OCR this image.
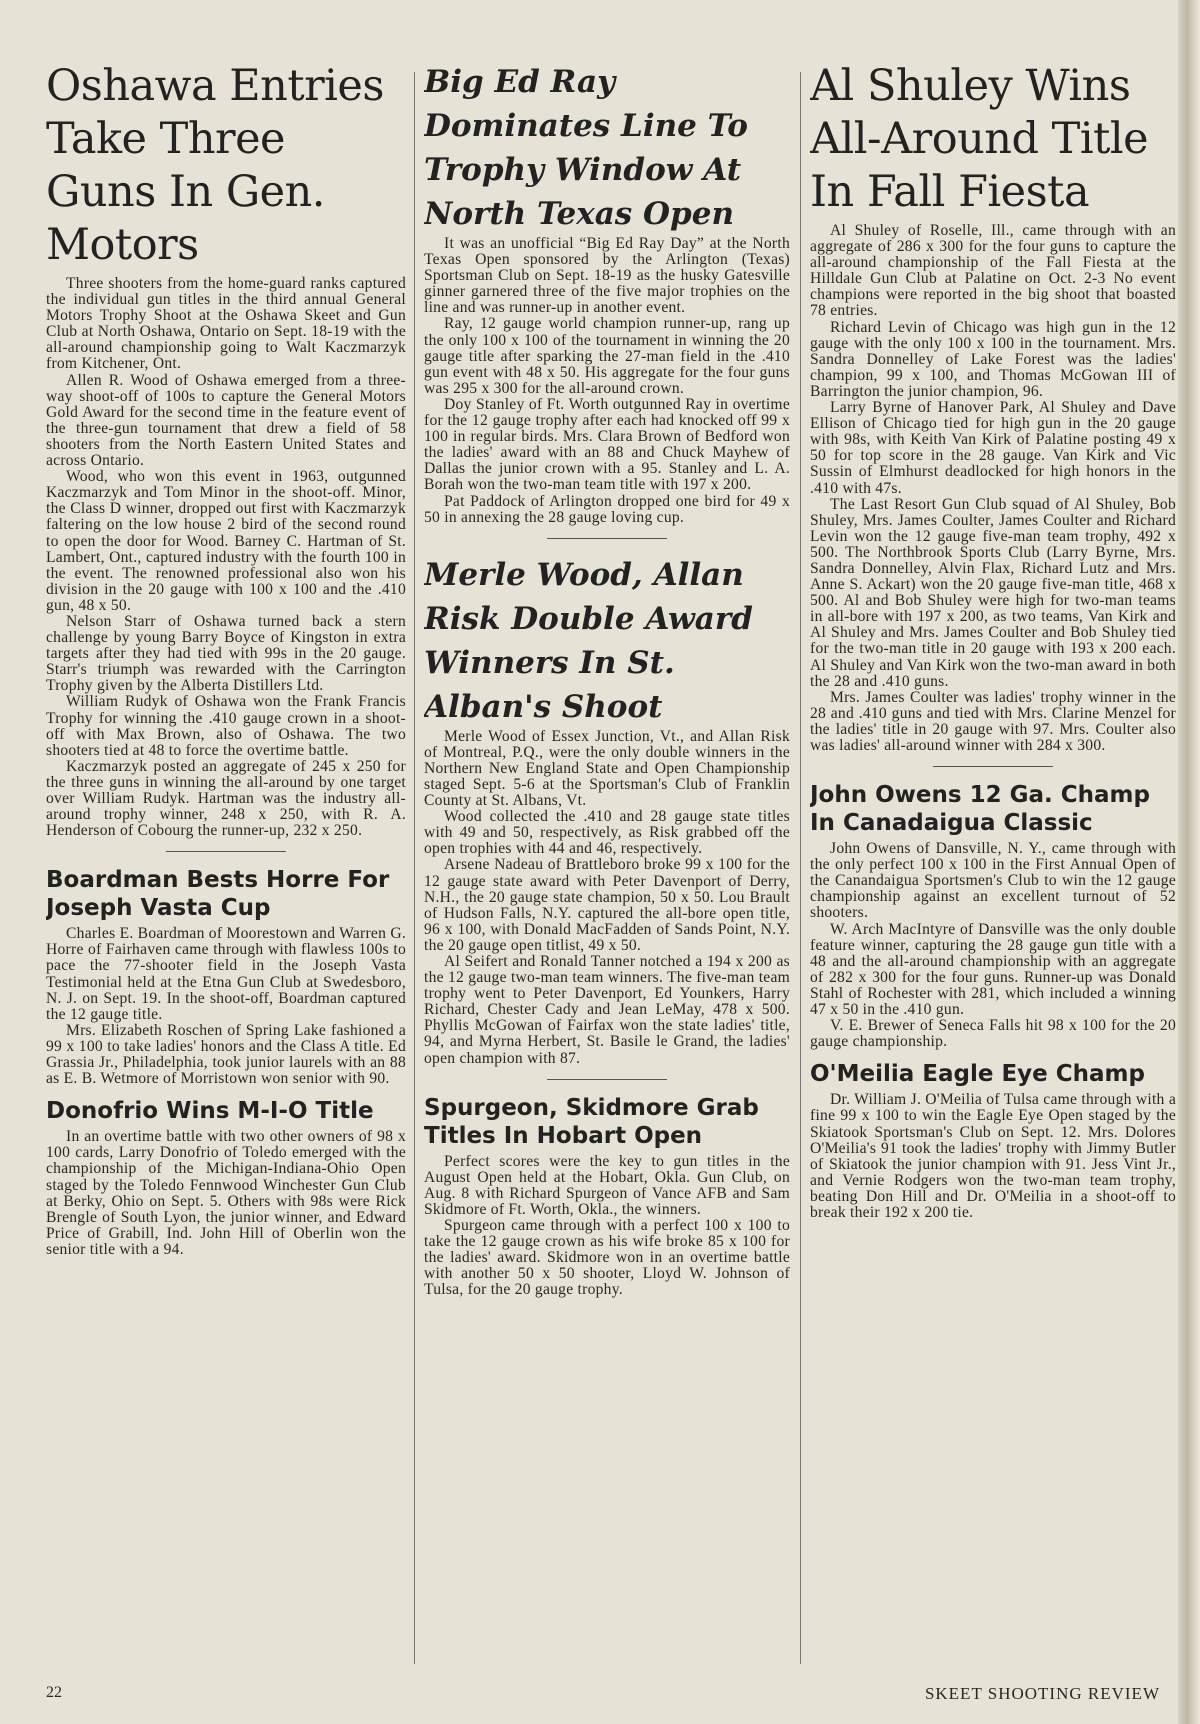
Oshawa Entries Take Three Guns In Gen. Motors

Three shooters from the home-guard ranks captured the individual gun titles in the third annual General Motors Trophy Shoot at the Oshawa Skeet and Gun Club at North Oshawa, Ontario on Sept. 18-19 with the all-around championship going to Walt Kaczmarzyk from Kitchener, Ont.

Allen R. Wood of Oshawa emerged from a three-way shoot-off of 100s to capture the General Motors Gold Award for the second time in the feature event of the three-gun tournament that drew a field of 58 shooters from the North Eastern United States and across Ontario.

Wood, who won this event in 1963, outgunned Kaczmarzyk and Tom Minor in the shoot-off. Minor, the Class D winner, dropped out first with Kaczmarzyk faltering on the low house 2 bird of the second round to open the door for Wood. Barney C. Hartman of St. Lambert, Ont., captured industry with the fourth 100 in the event. The renowned professional also won his division in the 20 gauge with 100 x 100 and the .410 gun, 48 x 50.

Nelson Starr of Oshawa turned back a stern challenge by young Barry Boyce of Kingston in extra targets after they had tied with 99s in the 20 gauge. Starr's triumph was rewarded with the Carrington Trophy given by the Alberta Distillers Ltd.

William Rudyk of Oshawa won the Frank Francis Trophy for winning the .410 gauge crown in a shoot-off with Max Brown, also of Oshawa. The two shooters tied at 48 to force the overtime battle.

Kaczmarzyk posted an aggregate of 245 x 250 for the three guns in winning the all-around by one target over William Rudyk. Hartman was the industry all-around trophy winner, 248 x 250, with R. A. Henderson of Cobourg the runner-up, 232 x 250.

Boardman Bests Horre For Joseph Vasta Cup

Charles E. Boardman of Moorestown and Warren G. Horre of Fairhaven came through with flawless 100s to pace the 77-shooter field in the Joseph Vasta Testimonial held at the Etna Gun Club at Swedesboro, N. J. on Sept. 19. In the shoot-off, Boardman captured the 12 gauge title.

Mrs. Elizabeth Roschen of Spring Lake fashioned a 99 x 100 to take ladies' honors and the Class A title. Ed Grassia Jr., Philadelphia, took junior laurels with an 88 as E. B. Wetmore of Morristown won senior with 90.

Donofrio Wins M-I-O Title

In an overtime battle with two other owners of 98 x 100 cards, Larry Donofrio of Toledo emerged with the championship of the Michigan-Indiana-Ohio Open staged by the Toledo Fennwood Winchester Gun Club at Berky, Ohio on Sept. 5. Others with 98s were Rick Brengle of South Lyon, the junior winner, and Edward Price of Grabill, Ind. John Hill of Oberlin won the senior title with a 94.

Big Ed Ray Dominates Line To Trophy Window At North Texas Open

It was an unofficial “Big Ed Ray Day” at the North Texas Open sponsored by the Arlington (Texas) Sportsman Club on Sept. 18-19 as the husky Gatesville ginner garnered three of the five major trophies on the line and was runner-up in another event.

Ray, 12 gauge world champion runner-up, rang up the only 100 x 100 of the tournament in winning the 20 gauge title after sparking the 27-man field in the .410 gun event with 48 x 50. His aggregate for the four guns was 295 x 300 for the all-around crown.

Doy Stanley of Ft. Worth outgunned Ray in overtime for the 12 gauge trophy after each had knocked off 99 x 100 in regular birds. Mrs. Clara Brown of Bedford won the ladies' award with an 88 and Chuck Mayhew of Dallas the junior crown with a 95. Stanley and L. A. Borah won the two-man team title with 197 x 200.

Pat Paddock of Arlington dropped one bird for 49 x 50 in annexing the 28 gauge loving cup.

Merle Wood, Allan Risk Double Award Winners In St. Alban's Shoot

Merle Wood of Essex Junction, Vt., and Allan Risk of Montreal, P.Q., were the only double winners in the Northern New England State and Open Championship staged Sept. 5-6 at the Sportsman's Club of Franklin County at St. Albans, Vt.

Wood collected the .410 and 28 gauge state titles with 49 and 50, respectively, as Risk grabbed off the open trophies with 44 and 46, respectively.

Arsene Nadeau of Brattleboro broke 99 x 100 for the 12 gauge state award with Peter Davenport of Derry, N.H., the 20 gauge state champion, 50 x 50. Lou Brault of Hudson Falls, N.Y. captured the all-bore open title, 96 x 100, with Donald MacFadden of Sands Point, N.Y. the 20 gauge open titlist, 49 x 50.

Al Seifert and Ronald Tanner notched a 194 x 200 as the 12 gauge two-man team winners. The five-man team trophy went to Peter Davenport, Ed Younkers, Harry Richard, Chester Cady and Jean LeMay, 478 x 500. Phyllis McGowan of Fairfax won the state ladies' title, 94, and Myrna Herbert, St. Basile le Grand, the ladies' open champion with 87.

Spurgeon, Skidmore Grab Titles In Hobart Open

Perfect scores were the key to gun titles in the August Open held at the Hobart, Okla. Gun Club, on Aug. 8 with Richard Spurgeon of Vance AFB and Sam Skidmore of Ft. Worth, Okla., the winners.

Spurgeon came through with a perfect 100 x 100 to take the 12 gauge crown as his wife broke 85 x 100 for the ladies' award. Skidmore won in an overtime battle with another 50 x 50 shooter, Lloyd W. Johnson of Tulsa, for the 20 gauge trophy.

Al Shuley Wins All-Around Title In Fall Fiesta

Al Shuley of Roselle, Ill., came through with an aggregate of 286 x 300 for the four guns to capture the all-around championship of the Fall Fiesta at the Hilldale Gun Club at Palatine on Oct. 2-3 No event champions were reported in the big shoot that boasted 78 entries.

Richard Levin of Chicago was high gun in the 12 gauge with the only 100 x 100 in the tournament. Mrs. Sandra Donnelley of Lake Forest was the ladies' champion, 99 x 100, and Thomas McGowan III of Barrington the junior champion, 96.

Larry Byrne of Hanover Park, Al Shuley and Dave Ellison of Chicago tied for high gun in the 20 gauge with 98s, with Keith Van Kirk of Palatine posting 49 x 50 for top score in the 28 gauge. Van Kirk and Vic Sussin of Elmhurst deadlocked for high honors in the .410 with 47s.

The Last Resort Gun Club squad of Al Shuley, Bob Shuley, Mrs. James Coulter, James Coulter and Richard Levin won the 12 gauge five-man team trophy, 492 x 500. The Northbrook Sports Club (Larry Byrne, Mrs. Sandra Donnelley, Alvin Flax, Richard Lutz and Mrs. Anne S. Ackart) won the 20 gauge five-man title, 468 x 500. Al and Bob Shuley were high for two-man teams in all-bore with 197 x 200, as two teams, Van Kirk and Al Shuley and Mrs. James Coulter and Bob Shuley tied for the two-man title in 20 gauge with 193 x 200 each. Al Shuley and Van Kirk won the two-man award in both the 28 and .410 guns.

Mrs. James Coulter was ladies' trophy winner in the 28 and .410 guns and tied with Mrs. Clarine Menzel for the ladies' title in 20 gauge with 97. Mrs. Coulter also was ladies' all-around winner with 284 x 300.

John Owens 12 Ga. Champ In Canadaigua Classic

John Owens of Dansville, N. Y., came through with the only perfect 100 x 100 in the First Annual Open of the Canandaigua Sportsmen's Club to win the 12 gauge championship against an excellent turnout of 52 shooters.

W. Arch MacIntyre of Dansville was the only double feature winner, capturing the 28 gauge gun title with a 48 and the all-around championship with an aggregate of 282 x 300 for the four guns. Runner-up was Donald Stahl of Rochester with 281, which included a winning 47 x 50 in the .410 gun.

V. E. Brewer of Seneca Falls hit 98 x 100 for the 20 gauge championship.

O'Meilia Eagle Eye Champ

Dr. William J. O'Meilia of Tulsa came through with a fine 99 x 100 to win the Eagle Eye Open staged by the Skiatook Sportsman's Club on Sept. 12. Mrs. Dolores O'Meilia's 91 took the ladies' trophy with Jimmy Butler of Skiatook the junior champion with 91. Jess Vint Jr., and Vernie Rodgers won the two-man team trophy, beating Don Hill and Dr. O'Meilia in a shoot-off to break their 192 x 200 tie.

22	SKEET SHOOTING REVIEW
